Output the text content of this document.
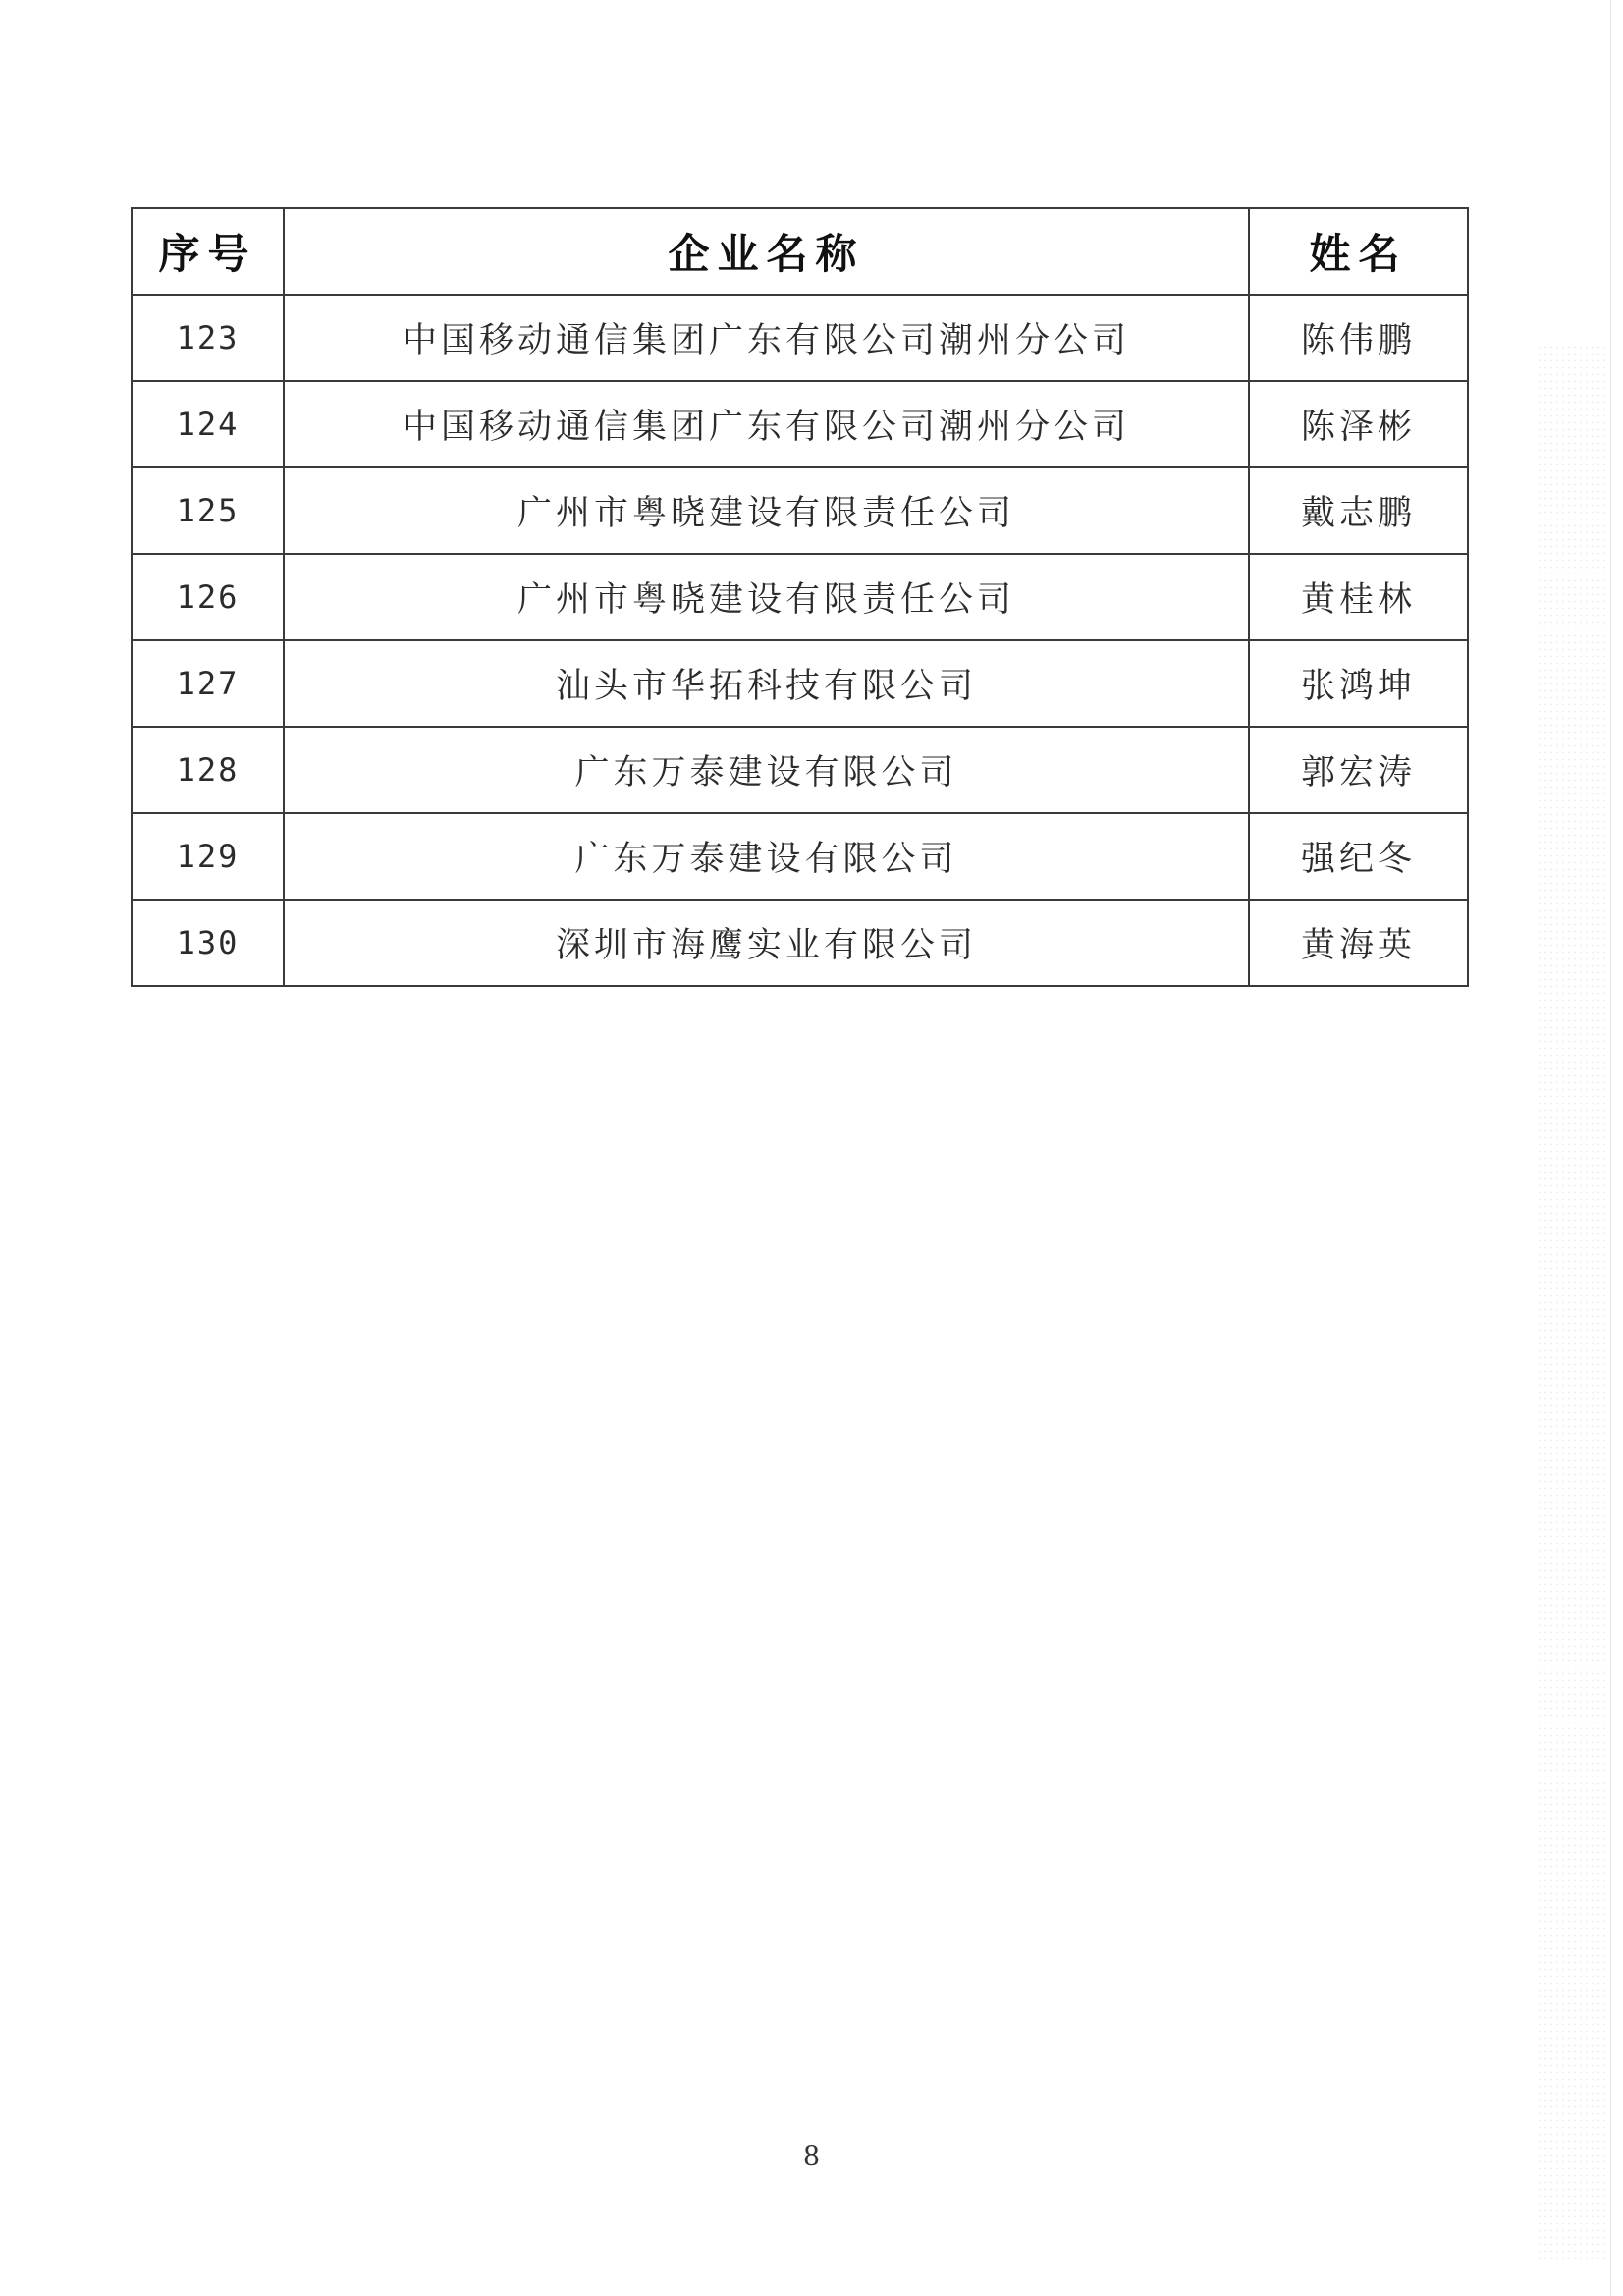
序号	企业名称	姓名
123	中国移动通信集团广东有限公司潮州分公司	陈伟鹏
124	中国移动通信集团广东有限公司潮州分公司	陈泽彬
125	广州市粤晓建设有限责任公司	戴志鹏
126	广州市粤晓建设有限责任公司	黄桂林
127	汕头市华拓科技有限公司	张鸿坤
128	广东万泰建设有限公司	郭宏涛
129	广东万泰建设有限公司	强纪冬
130	深圳市海鹰实业有限公司	黄海英
8
